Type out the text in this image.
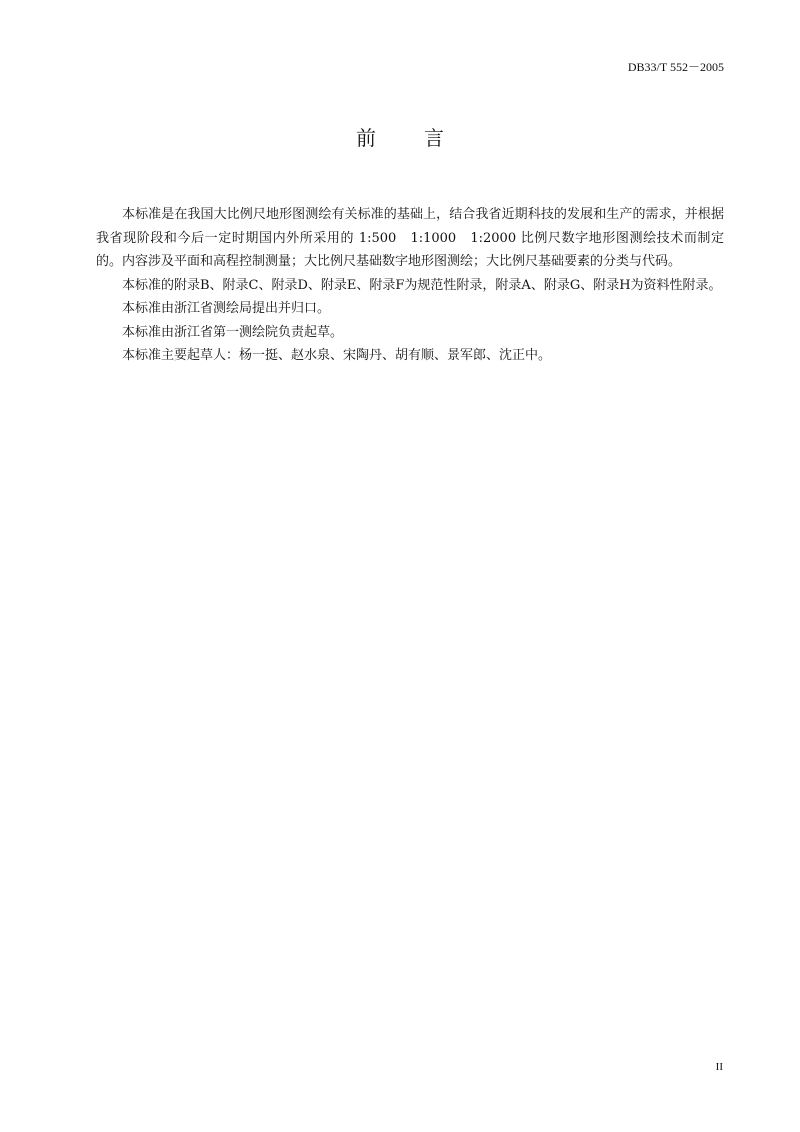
DB33/T 552－2005
前言

本标准是在我国大比例尺地形图测绘有关标准的基础上，结合我省近期科技的发展和生产的需求，并根据我省现阶段和今后一定时期国内外所采用的 1:500　1:1000　1:2000 比例尺数字地形图测绘技术而制定的。内容涉及平面和高程控制测量；大比例尺基础数字地形图测绘；大比例尺基础要素的分类与代码。

本标准的附录B、附录C、附录D、附录E、附录F为规范性附录，附录A、附录G、附录H为资料性附录。

本标准由浙江省测绘局提出并归口。

本标准由浙江省第一测绘院负责起草。

本标准主要起草人：杨一挺、赵水泉、宋陶丹、胡有顺、景军郎、沈正中。

II
